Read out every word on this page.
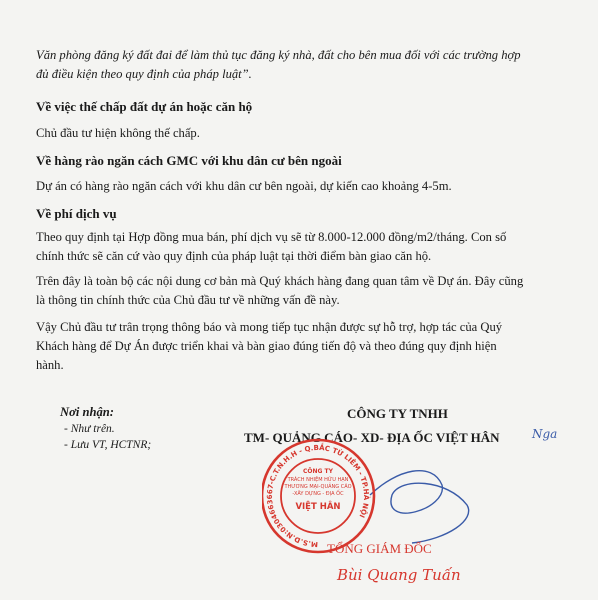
Văn phòng đăng ký đất đai để làm thủ tục đăng ký nhà, đất cho bên mua đối với các trường hợp
đủ điều kiện theo quy định của pháp luật”.
Về việc thế chấp đất dự án hoặc căn hộ
Chủ đầu tư hiện không thế chấp.
Về hàng rào ngăn cách GMC với khu dân cư bên ngoài
Dự án có hàng rào ngăn cách với khu dân cư bên ngoài, dự kiến cao khoảng 4-5m.
Về phí dịch vụ
Theo quy định tại Hợp đồng mua bán, phí dịch vụ sẽ từ 8.000-12.000 đồng/m2/tháng. Con số
chính thức sẽ căn cứ vào quy định của pháp luật tại thời điểm bàn giao căn hộ.
Trên đây là toàn bộ các nội dung cơ bản mà Quý khách hàng đang quan tâm về Dự án. Đây cũng
là thông tin chính thức của Chủ đầu tư về những vấn đề này.
Vậy Chủ đầu tư trân trọng thông báo và mong tiếp tục nhận được sự hỗ trợ, hợp tác của Quý
Khách hàng để Dự Án được triển khai và bàn giao đúng tiến độ và theo đúng quy định hiện
hành.
Nơi nhận:
- Như trên.
- Lưu VT, HCTNR;
CÔNG TY TNHH
TM- QUẢNG CÁO- XD- ĐỊA ỐC VIỆT HÂN	Nga
M.S.D.N:0304663667-C.T.N.H.H - Q.BẮC TỪ LIÊM - TP.HÀ NỘI
CÔNG TY
TRÁCH NHIỆM HỮU HẠN
THƯƠNG MẠI-QUẢNG CÁO
-XÂY DỰNG - ĐỊA ỐC
VIỆT HÂN
TỔNG GIÁM ĐỐC
Bùi Quang Tuấn
